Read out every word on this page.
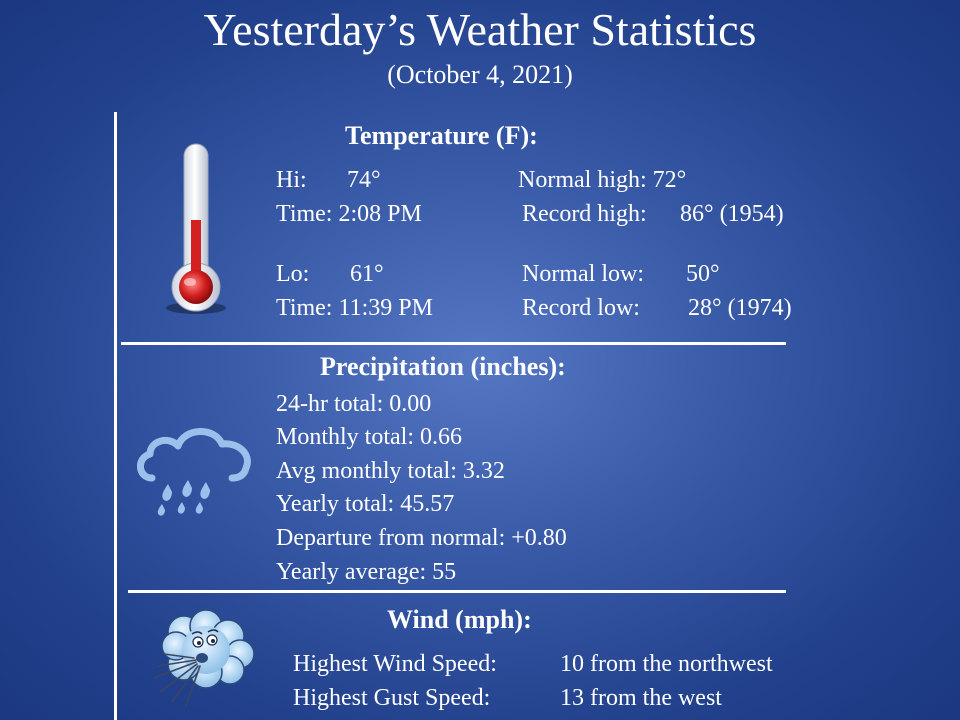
Yesterday’s Weather Statistics
(October 4, 2021)
Temperature (F):
Hi: 74°	Normal high: 72°
Time: 2:08 PM	Record high: 86° (1954)
Lo: 61°	Normal low: 50°
Time: 11:39 PM	Record low: 28° (1974)
Precipitation (inches):
24-hr total: 0.00
Monthly total: 0.66
Avg monthly total: 3.32
Yearly total: 45.57
Departure from normal: +0.80
Yearly average: 55
Wind (mph):
Highest Wind Speed:	10 from the northwest
Highest Gust Speed:	13 from the west
